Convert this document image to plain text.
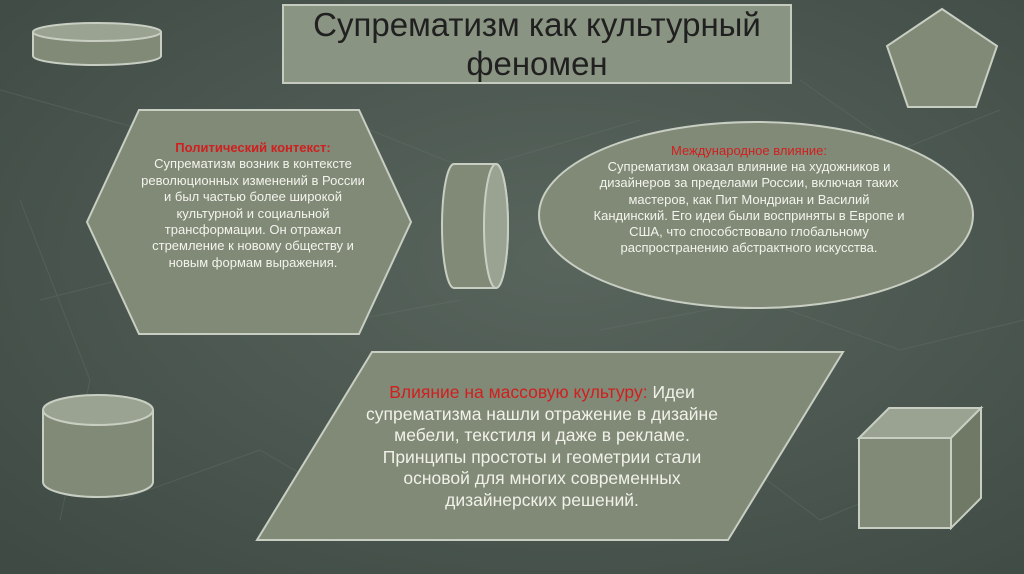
Супрематизм как культурный
феномен
Политический контекст:
Супрематизм возник в контексте революционных изменений в России и был частью более широкой культурной и социальной трансформации. Он отражал стремление к новому обществу и новым формам выражения.
Международное влияние:
Супрематизм оказал влияние на художников и дизайнеров за пределами России, включая таких мастеров, как Пит Мондриан и Василий Кандинский. Его идеи были восприняты в Европе и США, что способствовало глобальному распространению абстрактного искусства.
Влияние на массовую культуру: Идеи супрематизма нашли отражение в дизайне мебели, текстиля и даже в рекламе. Принципы простоты и геометрии стали основой для многих современных дизайнерских решений.
